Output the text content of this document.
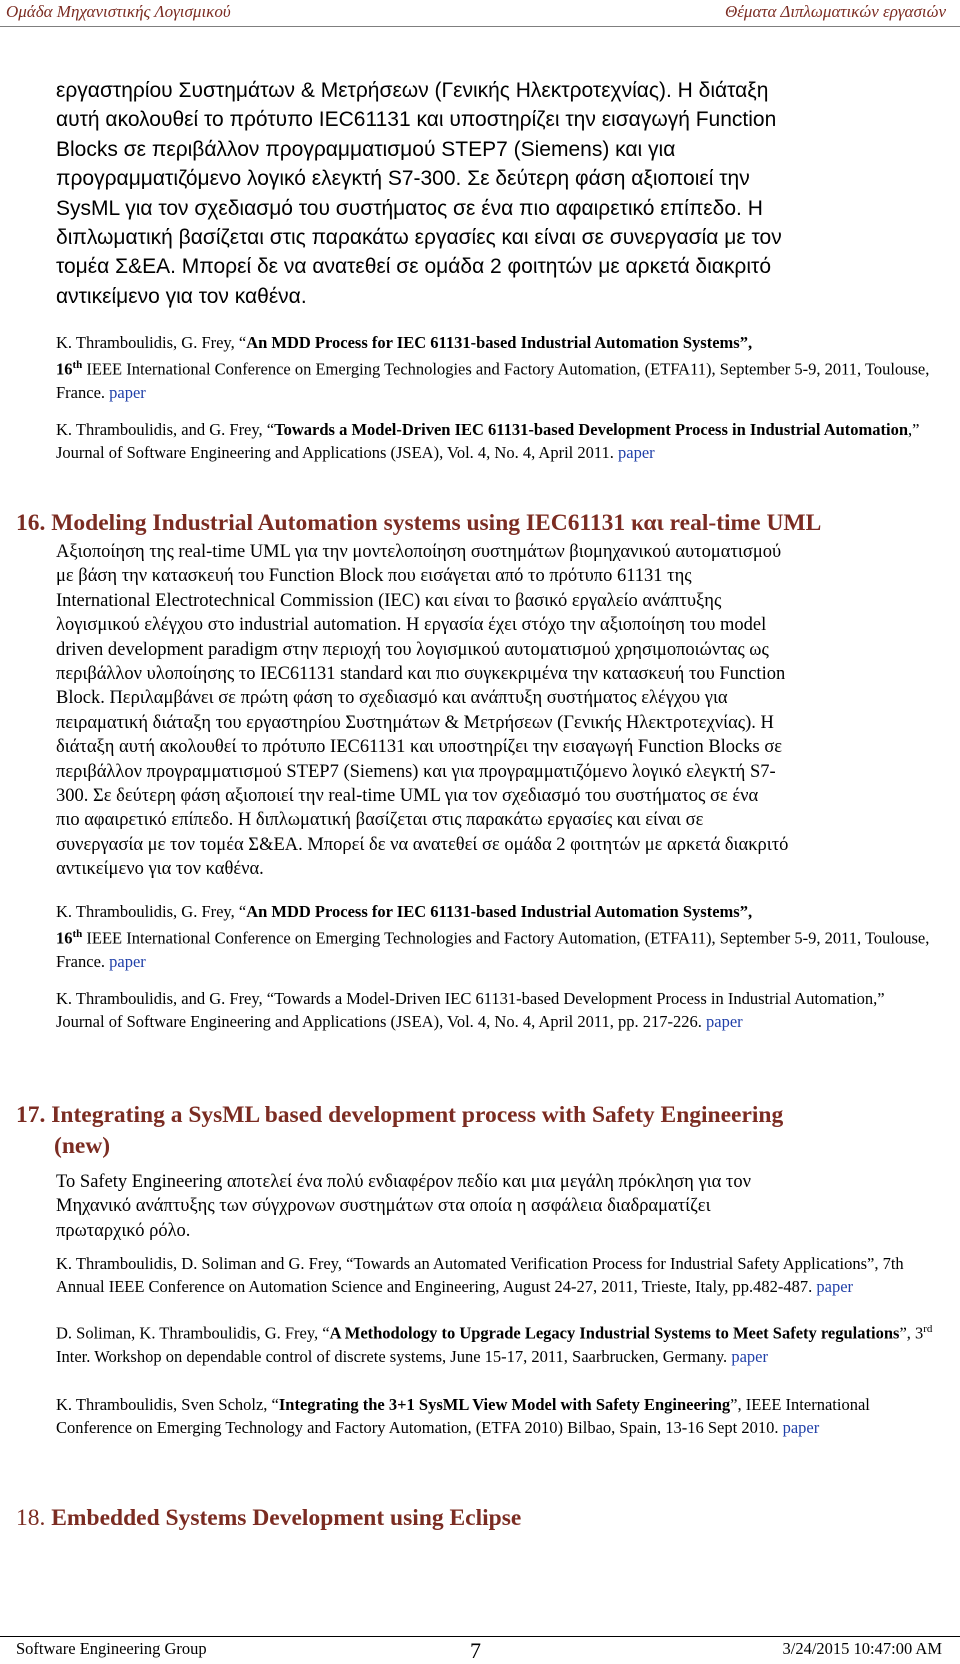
Ομάδα Μηχανιστικής Λογισμικού	Θέματα Διπλωματικών εργασιών
εργαστηρίου Συστημάτων & Μετρήσεων (Γενικής Ηλεκτροτεχνίας). Η διάταξη
αυτή ακολουθεί το πρότυπο IEC61131 και υποστηρίζει την εισαγωγή Function
Blocks σε περιβάλλον προγραμματισμού STEP7 (Siemens) και για
προγραμματιζόμενο λογικό ελεγκτή S7-300. Σε δεύτερη φάση αξιοποιεί την
SysML για τον σχεδιασμό του συστήματος σε ένα πιο αφαιρετικό επίπεδο. Η
διπλωματική βασίζεται στις παρακάτω εργασίες και είναι σε συνεργασία με τον
τομέα Σ&ΕΑ. Μπορεί δε να ανατεθεί σε ομάδα 2 φοιτητών με αρκετά διακριτό
αντικείμενο για τον καθένα.
K. Thramboulidis, G. Frey, “An MDD Process for IEC 61131-based Industrial Automation Systems”,
16th IEEE International Conference on Emerging Technologies and Factory Automation, (ETFA11), September 5-9, 2011, Toulouse, France. paper
K. Thramboulidis, and G. Frey, “Towards a Model-Driven IEC 61131-based Development Process in Industrial Automation,” Journal of Software Engineering and Applications (JSEA), Vol. 4, No. 4, April 2011. paper
16. Modeling Industrial Automation systems using IEC61131 και real-time UML
Αξιοποίηση της real-time UML για την μοντελοποίηση συστημάτων βιομηχανικού αυτοματισμού
με βάση την κατασκευή του Function Block που εισάγεται από το πρότυπο 61131 της
International Electrotechnical Commission (IEC) και είναι το βασικό εργαλείο ανάπτυξης
λογισμικού ελέγχου στο industrial automation. Η εργασία έχει στόχο την αξιοποίηση του model
driven development paradigm στην περιοχή του λογισμικού αυτοματισμού χρησιμοποιώντας ως
περιβάλλον υλοποίησης το IEC61131 standard και πιο συγκεκριμένα την κατασκευή του Function
Block. Περιλαμβάνει σε πρώτη φάση το σχεδιασμό και ανάπτυξη συστήματος ελέγχου για
πειραματική διάταξη του εργαστηρίου Συστημάτων & Μετρήσεων (Γενικής Ηλεκτροτεχνίας). Η
διάταξη αυτή ακολουθεί το πρότυπο IEC61131 και υποστηρίζει την εισαγωγή Function Blocks σε
περιβάλλον προγραμματισμού STEP7 (Siemens) και για προγραμματιζόμενο λογικό ελεγκτή S7-
300. Σε δεύτερη φάση αξιοποιεί την real-time UML για τον σχεδιασμό του συστήματος σε ένα
πιο αφαιρετικό επίπεδο. Η διπλωματική βασίζεται στις παρακάτω εργασίες και είναι σε
συνεργασία με τον τομέα Σ&ΕΑ. Μπορεί δε να ανατεθεί σε ομάδα 2 φοιτητών με αρκετά διακριτό
αντικείμενο για τον καθένα.
K. Thramboulidis, G. Frey, “An MDD Process for IEC 61131-based Industrial Automation Systems”,
16th IEEE International Conference on Emerging Technologies and Factory Automation, (ETFA11), September 5-9, 2011, Toulouse, France. paper
K. Thramboulidis, and G. Frey, “Towards a Model-Driven IEC 61131-based Development Process in Industrial Automation,” Journal of Software Engineering and Applications (JSEA), Vol. 4, No. 4, April 2011, pp. 217-226. paper
17. Integrating a SysML based development process with Safety Engineering
(new)
Το Safety Engineering αποτελεί ένα πολύ ενδιαφέρον πεδίο και μια μεγάλη πρόκληση για τον
Μηχανικό ανάπτυξης των σύγχρονων συστημάτων στα οποία η ασφάλεια διαδραματίζει
πρωταρχικό ρόλο.
K. Thramboulidis, D. Soliman and G. Frey, “Towards an Automated Verification Process for Industrial Safety Applications”, 7th Annual IEEE Conference on Automation Science and Engineering, August 24-27, 2011, Trieste, Italy, pp.482-487. paper
D. Soliman, K. Thramboulidis, G. Frey, “A Methodology to Upgrade Legacy Industrial Systems to Meet Safety regulations”, 3rd Inter. Workshop on dependable control of discrete systems, June 15-17, 2011, Saarbrucken, Germany. paper
K. Thramboulidis, Sven Scholz, “Integrating the 3+1 SysML View Model with Safety Engineering”, IEEE International Conference on Emerging Technology and Factory Automation, (ETFA 2010) Bilbao, Spain, 13-16 Sept 2010. paper
18. Embedded Systems Development using Eclipse
Software Engineering Group	7	3/24/2015 10:47:00 AM
